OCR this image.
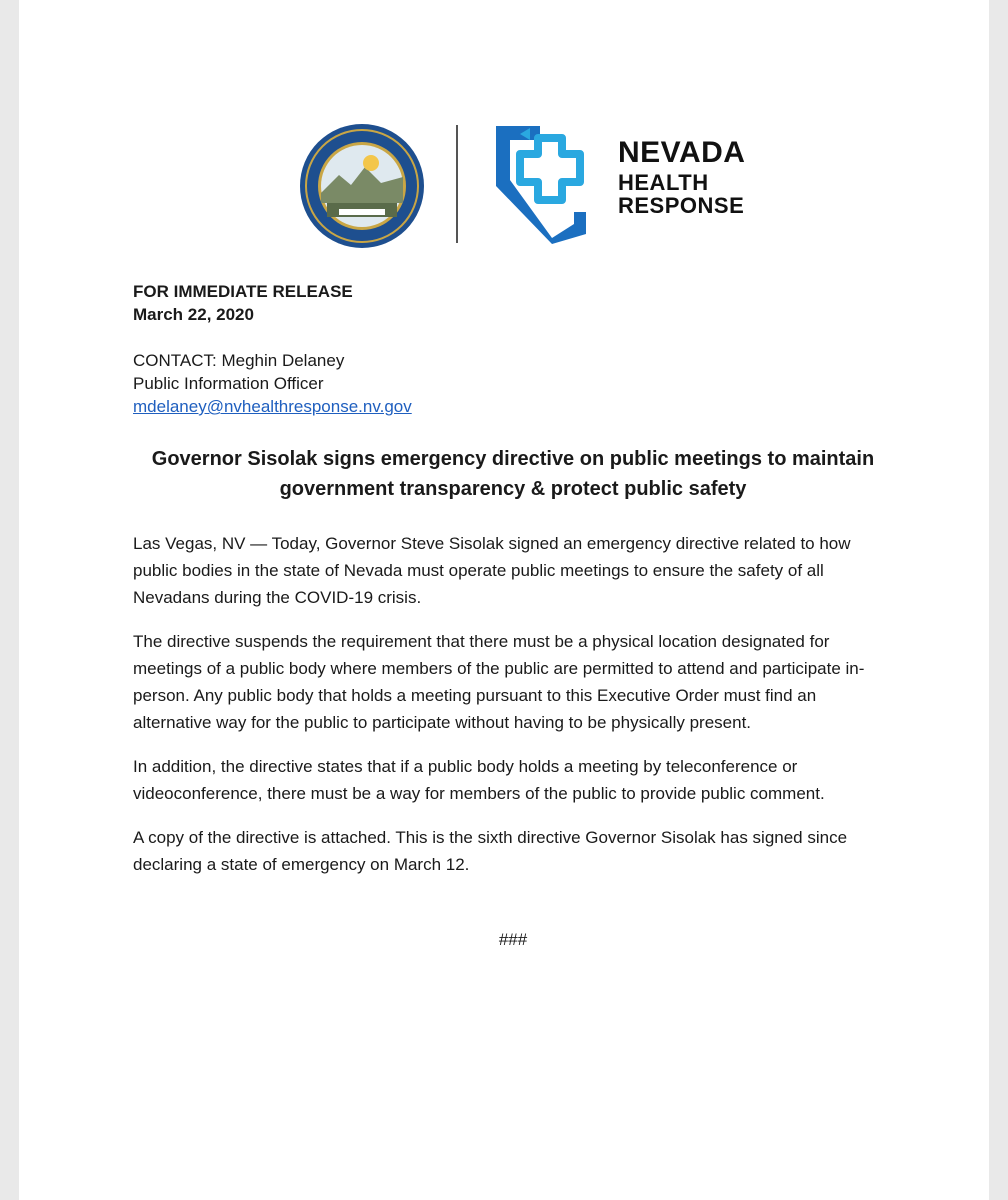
NEVADA
HEALTH
RESPONSE
FOR IMMEDIATE RELEASE
March 22, 2020
CONTACT: Meghin Delaney
Public Information Officer
mdelaney@nvhealthresponse.nv.gov
Governor Sisolak signs emergency directive on public meetings to maintain government transparency & protect public safety

Las Vegas, NV — Today, Governor Steve Sisolak signed an emergency directive related to how public bodies in the state of Nevada must operate public meetings to ensure the safety of all Nevadans during the COVID-19 crisis.

The directive suspends the requirement that there must be a physical location designated for meetings of a public body where members of the public are permitted to attend and participate in-person. Any public body that holds a meeting pursuant to this Executive Order must find an alternative way for the public to participate without having to be physically present.

In addition, the directive states that if a public body holds a meeting by teleconference or videoconference, there must be a way for members of the public to provide public comment.

A copy of the directive is attached. This is the sixth directive Governor Sisolak has signed since declaring a state of emergency on March 12.

###
